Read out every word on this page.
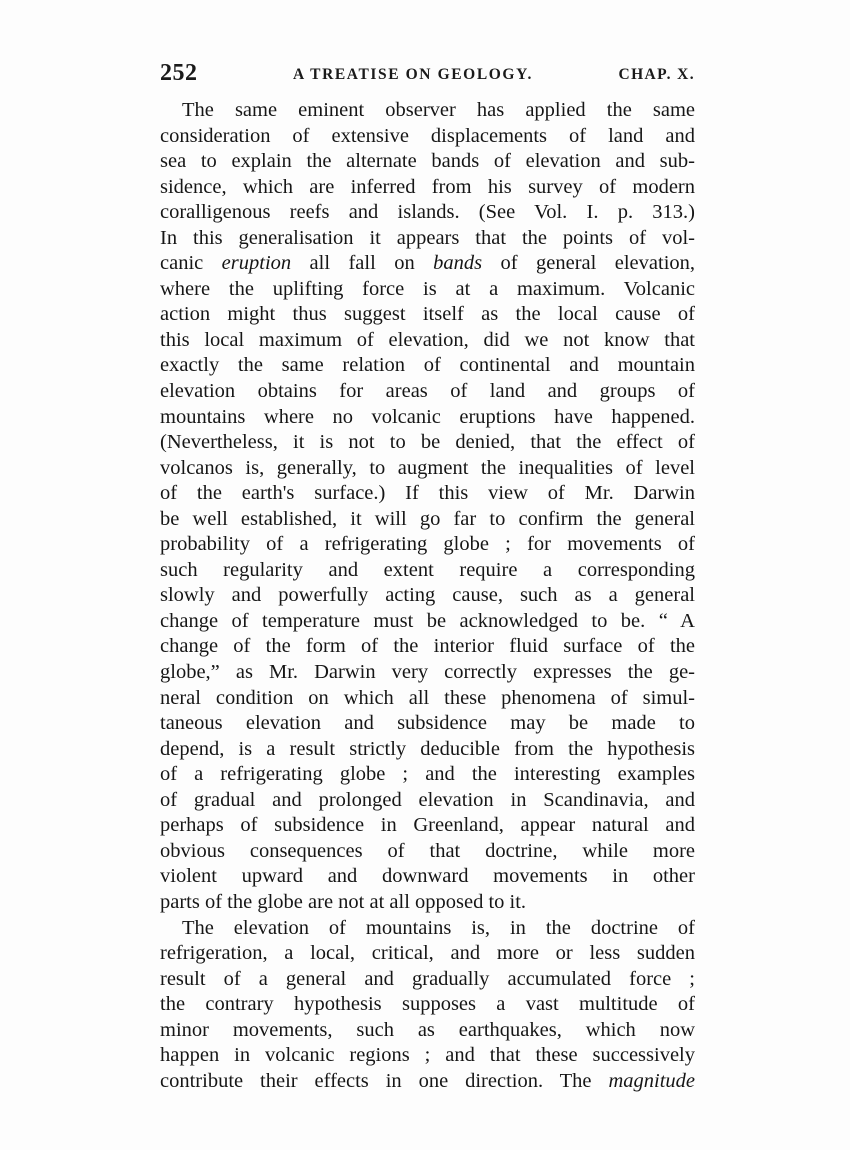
252	A TREATISE ON GEOLOGY.	CHAP. X.
The same eminent observer has applied the same
consideration of extensive displacements of land and
sea to explain the alternate bands of elevation and sub-
sidence, which are inferred from his survey of modern
coralligenous reefs and islands. (See Vol. I. p. 313.)
In this generalisation it appears that the points of vol-
canic eruption all fall on bands of general elevation,
where the uplifting force is at a maximum. Volcanic
action might thus suggest itself as the local cause of
this local maximum of elevation, did we not know that
exactly the same relation of continental and mountain
elevation obtains for areas of land and groups of
mountains where no volcanic eruptions have happened.
(Nevertheless, it is not to be denied, that the effect of
volcanos is, generally, to augment the inequalities of level
of the earth's surface.) If this view of Mr. Darwin
be well established, it will go far to confirm the general
probability of a refrigerating globe ; for movements of
such regularity and extent require a corresponding
slowly and powerfully acting cause, such as a general
change of temperature must be acknowledged to be. “ A
change of the form of the interior fluid surface of the
globe,” as Mr. Darwin very correctly expresses the ge-
neral condition on which all these phenomena of simul-
taneous elevation and subsidence may be made to
depend, is a result strictly deducible from the hypothesis
of a refrigerating globe ; and the interesting examples
of gradual and prolonged elevation in Scandinavia, and
perhaps of subsidence in Greenland, appear natural and
obvious consequences of that doctrine, while more
violent upward and downward movements in other
parts of the globe are not at all opposed to it.
The elevation of mountains is, in the doctrine of
refrigeration, a local, critical, and more or less sudden
result of a general and gradually accumulated force ;
the contrary hypothesis supposes a vast multitude of
minor movements, such as earthquakes, which now
happen in volcanic regions ; and that these successively
contribute their effects in one direction. The magnitude
